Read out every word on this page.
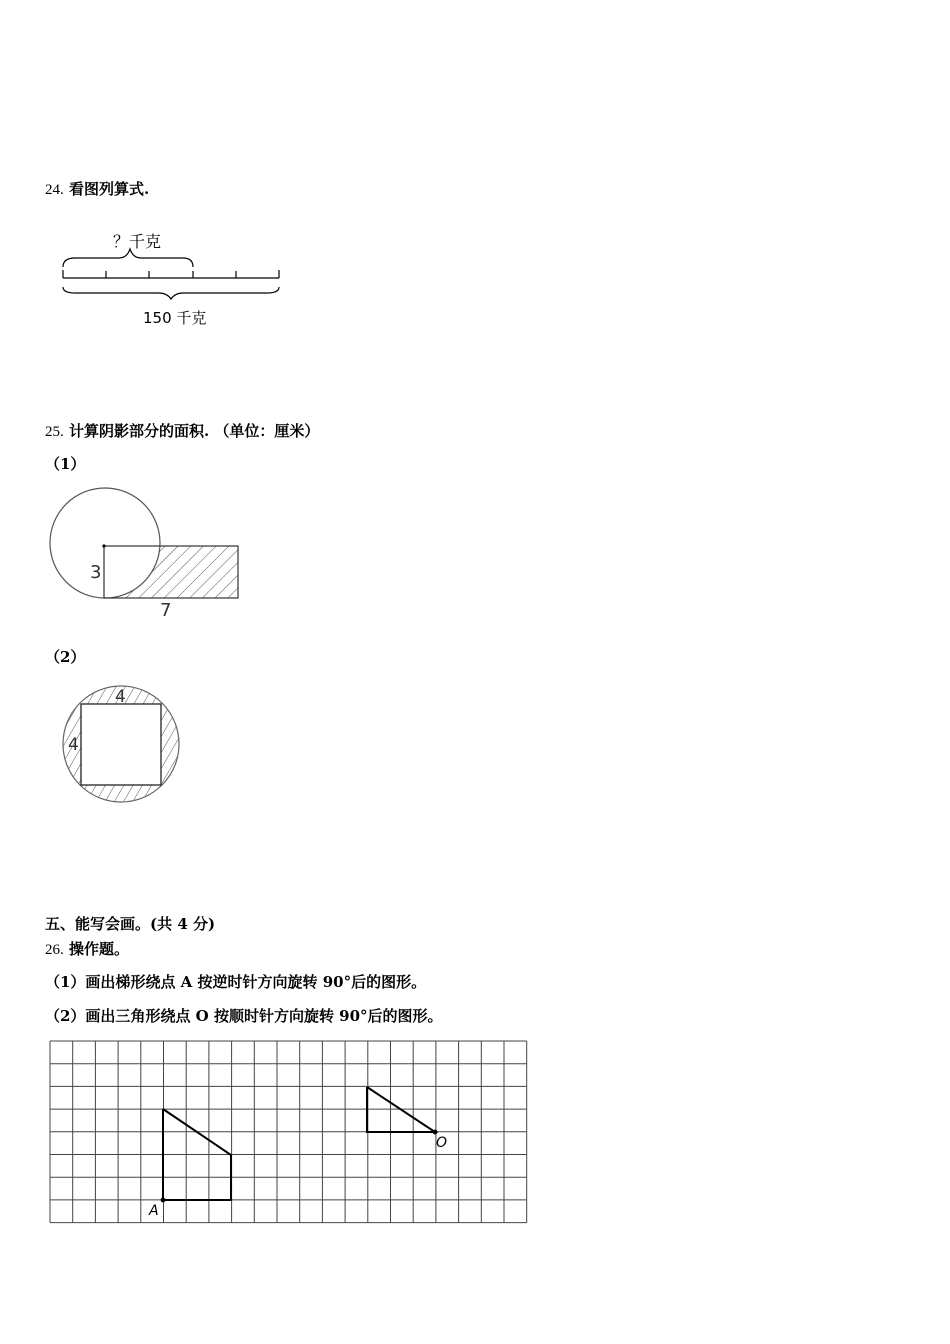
24. 看图列算式.
？千克
150 千克
25. 计算阴影部分的面积. （单位：厘米）
（1）
3
7
（2）
4
4
五、能写会画。(共 4 分)
26. 操作题。
（1）画出梯形绕点 A 按逆时针方向旋转 90°后的图形。
（2）画出三角形绕点 O 按顺时针方向旋转 90°后的图形。
A
O
